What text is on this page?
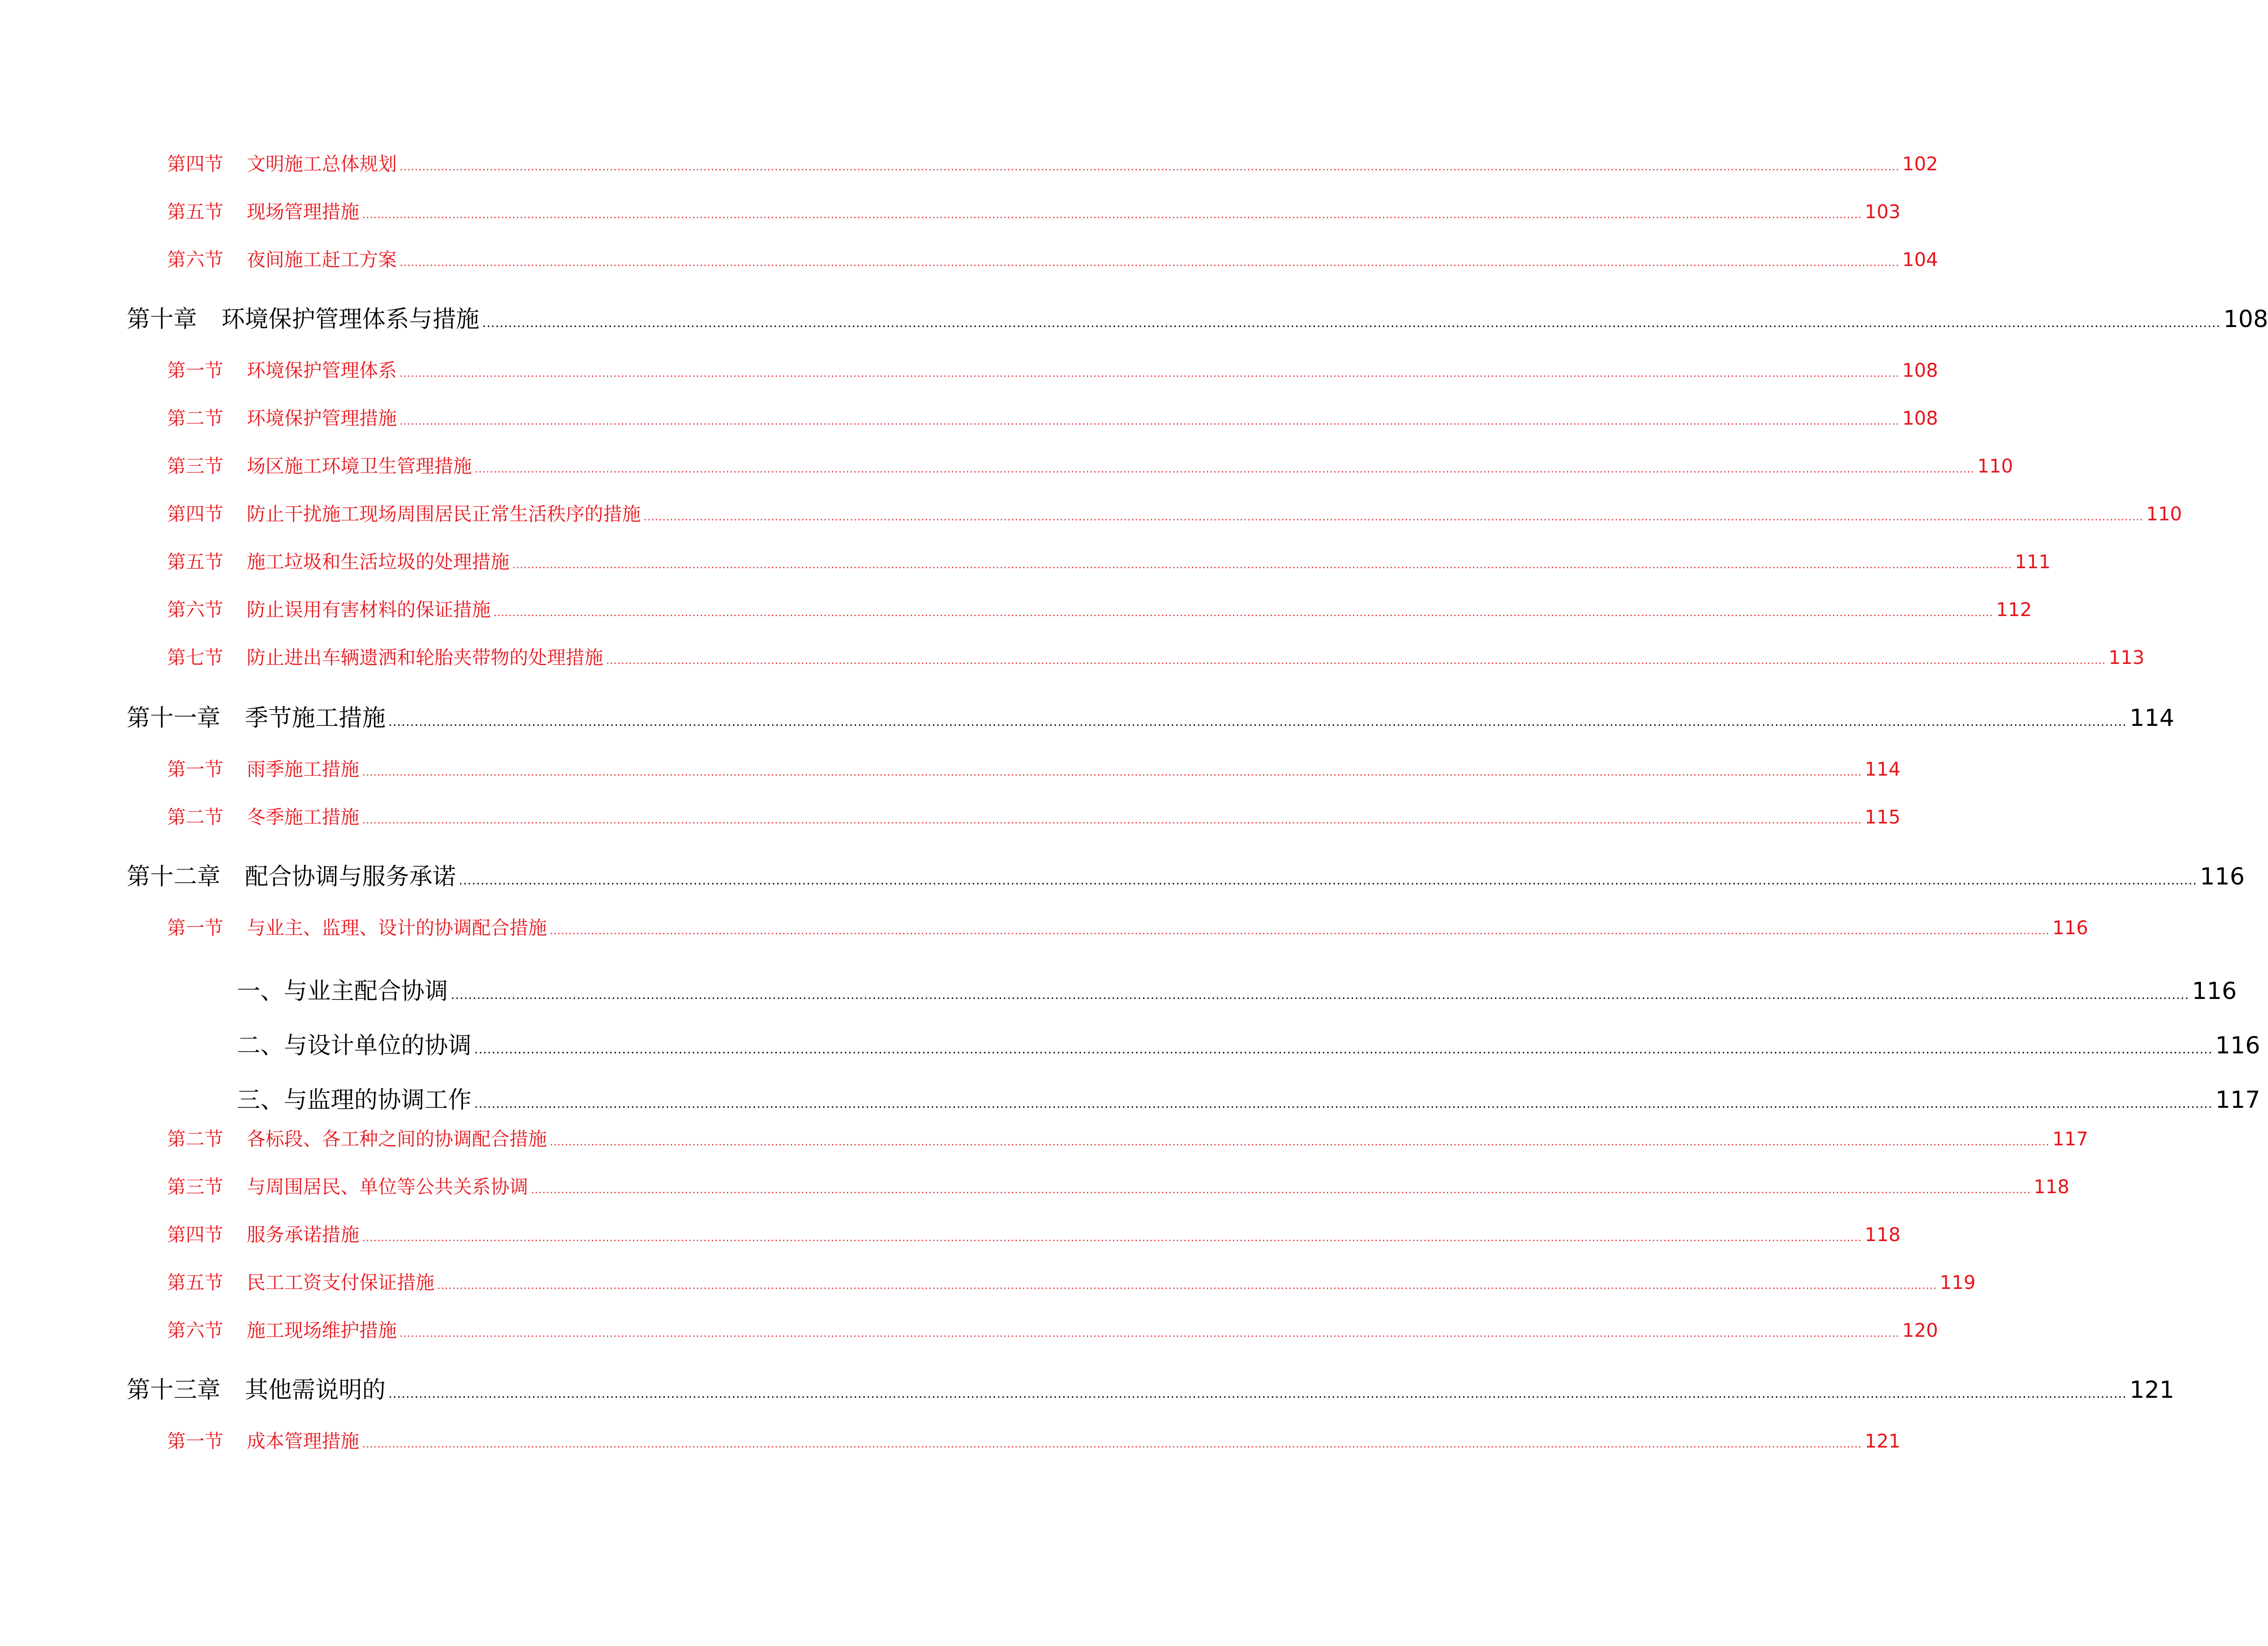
第四节	文明施工总体规划 ................................................................................................................................................................................................................................................................................................................................................................................................................ 102
第五节	现场管理措施 ................................................................................................................................................................................................................................................................................................................................................................................................................ 103
第六节	夜间施工赶工方案 ................................................................................................................................................................................................................................................................................................................................................................................................................ 104
第十章 环境保护管理体系与措施 ................................................................................................................................................................................................................................................................................................................................................................................................................ 108
第一节	环境保护管理体系 ................................................................................................................................................................................................................................................................................................................................................................................................................ 108
第二节	环境保护管理措施 ................................................................................................................................................................................................................................................................................................................................................................................................................ 108
第三节	场区施工环境卫生管理措施 ................................................................................................................................................................................................................................................................................................................................................................................................................ 110
第四节	防止干扰施工现场周围居民正常生活秩序的措施 ................................................................................................................................................................................................................................................................................................................................................................................................................ 110
第五节	施工垃圾和生活垃圾的处理措施 ................................................................................................................................................................................................................................................................................................................................................................................................................ 111
第六节	防止误用有害材料的保证措施 ................................................................................................................................................................................................................................................................................................................................................................................................................ 112
第七节	防止进出车辆遗洒和轮胎夹带物的处理措施 ................................................................................................................................................................................................................................................................................................................................................................................................................ 113
第十一章 季节施工措施 ................................................................................................................................................................................................................................................................................................................................................................................................................ 114
第一节	雨季施工措施 ................................................................................................................................................................................................................................................................................................................................................................................................................ 114
第二节	冬季施工措施 ................................................................................................................................................................................................................................................................................................................................................................................................................ 115
第十二章 配合协调与服务承诺 ................................................................................................................................................................................................................................................................................................................................................................................................................ 116
第一节	与业主、监理、设计的协调配合措施 ................................................................................................................................................................................................................................................................................................................................................................................................................ 116
一、与业主配合协调 ................................................................................................................................................................................................................................................................................................................................................................................................................ 116
二、与设计单位的协调 ................................................................................................................................................................................................................................................................................................................................................................................................................ 116
三、与监理的协调工作 ................................................................................................................................................................................................................................................................................................................................................................................................................ 117
第二节	各标段、各工种之间的协调配合措施 ................................................................................................................................................................................................................................................................................................................................................................................................................ 117
第三节	与周围居民、单位等公共关系协调 ................................................................................................................................................................................................................................................................................................................................................................................................................ 118
第四节	服务承诺措施 ................................................................................................................................................................................................................................................................................................................................................................................................................ 118
第五节	民工工资支付保证措施 ................................................................................................................................................................................................................................................................................................................................................................................................................ 119
第六节	施工现场维护措施 ................................................................................................................................................................................................................................................................................................................................................................................................................ 120
第十三章 其他需说明的 ................................................................................................................................................................................................................................................................................................................................................................................................................ 121
第一节	成本管理措施 ................................................................................................................................................................................................................................................................................................................................................................................................................ 121
